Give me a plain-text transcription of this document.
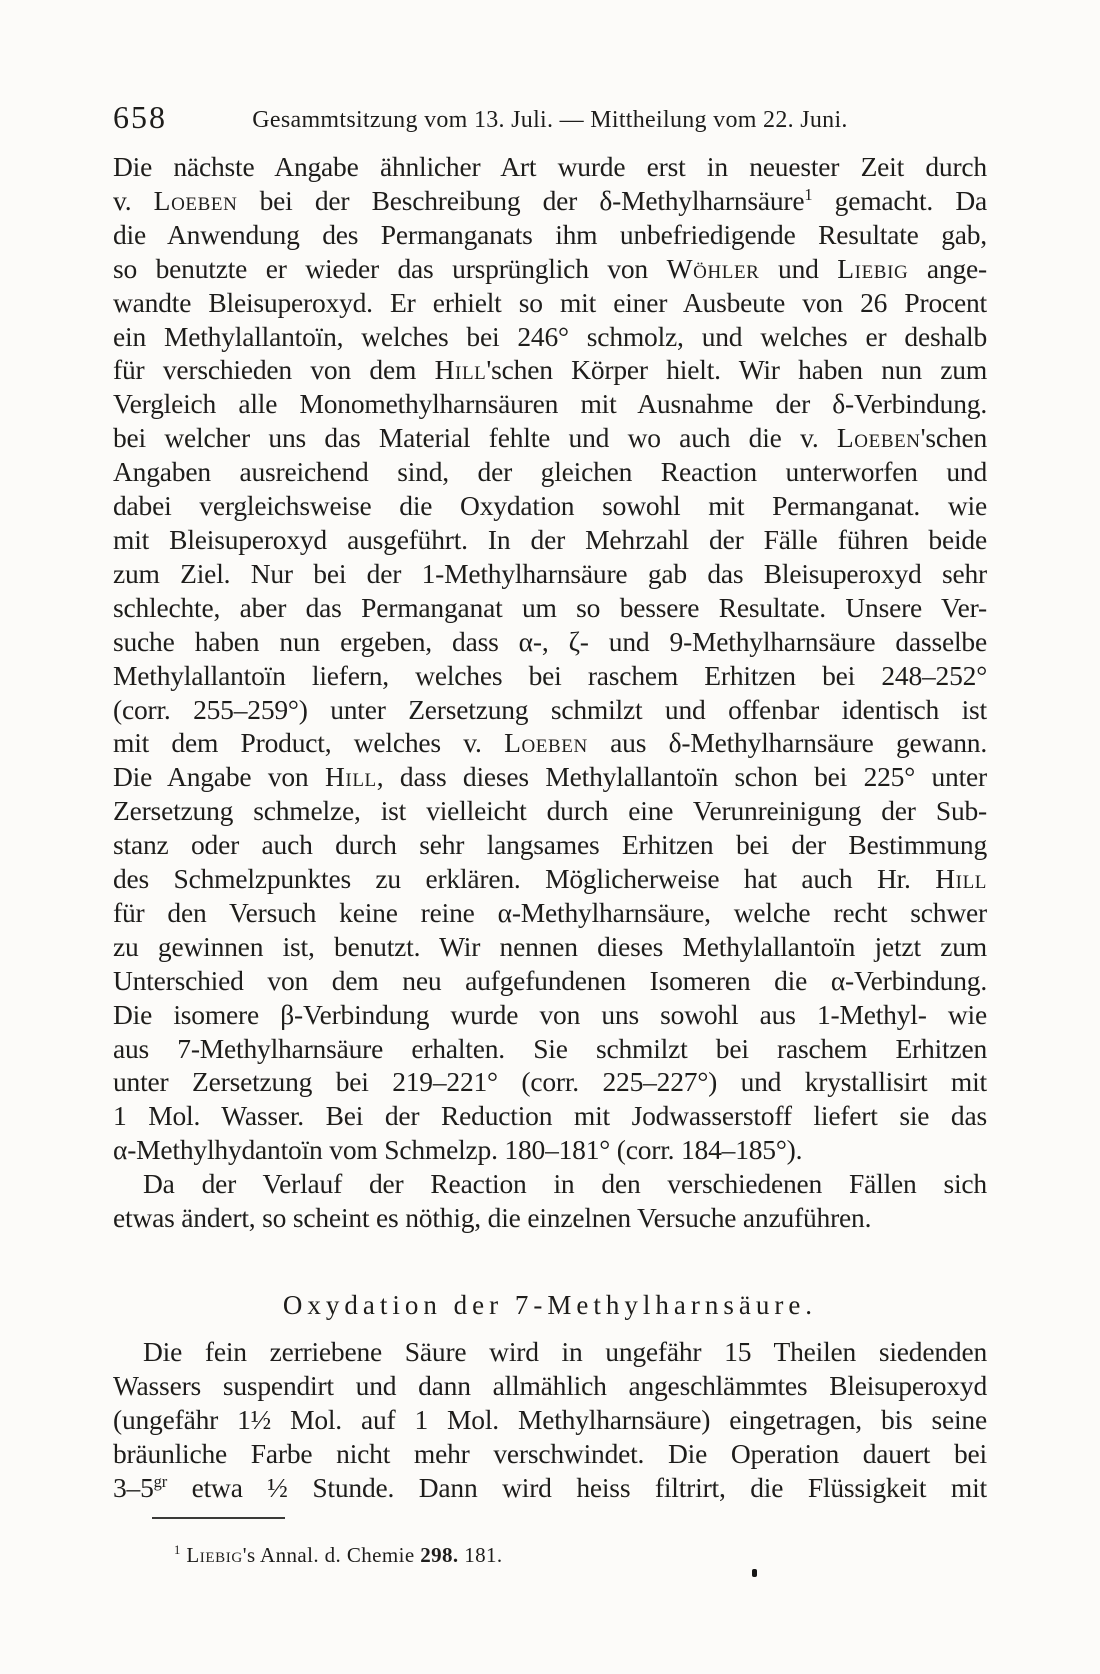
658	Gesammtsitzung vom 13. Juli. — Mittheilung vom 22. Juni.
Die nächste Angabe ähnlicher Art wurde erst in neuester Zeit durch
v. Loeben bei der Beschreibung der δ-Methylharnsäure$^1$ gemacht. Da
die Anwendung des Permanganats ihm unbefriedigende Resultate gab,
so benutzte er wieder das ursprünglich von Wöhler und Liebig ange-
wandte Bleisuperoxyd. Er erhielt so mit einer Ausbeute von 26 Procent
ein Methylallantoïn, welches bei 246° schmolz, und welches er deshalb
für verschieden von dem Hill'schen Körper hielt. Wir haben nun zum
Vergleich alle Monomethylharnsäuren mit Ausnahme der δ-Verbindung.
bei welcher uns das Material fehlte und wo auch die v. Loeben'schen
Angaben ausreichend sind, der gleichen Reaction unterworfen und
dabei vergleichsweise die Oxydation sowohl mit Permanganat. wie
mit Bleisuperoxyd ausgeführt. In der Mehrzahl der Fälle führen beide
zum Ziel. Nur bei der 1-Methylharnsäure gab das Bleisuperoxyd sehr
schlechte, aber das Permanganat um so bessere Resultate. Unsere Ver-
suche haben nun ergeben, dass α-, ζ- und 9-Methylharnsäure dasselbe
Methylallantoïn liefern, welches bei raschem Erhitzen bei 248–252°
(corr. 255–259°) unter Zersetzung schmilzt und offenbar identisch ist
mit dem Product, welches v. Loeben aus δ-Methylharnsäure gewann.
Die Angabe von Hill, dass dieses Methylallantoïn schon bei 225° unter
Zersetzung schmelze, ist vielleicht durch eine Verunreinigung der Sub-
stanz oder auch durch sehr langsames Erhitzen bei der Bestimmung
des Schmelzpunktes zu erklären. Möglicherweise hat auch Hr. Hill
für den Versuch keine reine α-Methylharnsäure, welche recht schwer
zu gewinnen ist, benutzt. Wir nennen dieses Methylallantoïn jetzt zum
Unterschied von dem neu aufgefundenen Isomeren die α-Verbindung.
Die isomere β-Verbindung wurde von uns sowohl aus 1-Methyl- wie
aus 7-Methylharnsäure erhalten. Sie schmilzt bei raschem Erhitzen
unter Zersetzung bei 219–221° (corr. 225–227°) und krystallisirt mit
1 Mol. Wasser. Bei der Reduction mit Jodwasserstoff liefert sie das
α-Methylhydantoïn vom Schmelzp. 180–181° (corr. 184–185°).
Da der Verlauf der Reaction in den verschiedenen Fällen sich
etwas ändert, so scheint es nöthig, die einzelnen Versuche anzuführen.
Oxydation der 7-Methylharnsäure.
Die fein zerriebene Säure wird in ungefähr 15 Theilen siedenden
Wassers suspendirt und dann allmählich angeschlämmtes Bleisuperoxyd
(ungefähr 1½ Mol. auf 1 Mol. Methylharnsäure) eingetragen, bis seine
bräunliche Farbe nicht mehr verschwindet. Die Operation dauert bei
$3-5^{gr}$ etwa ½ Stunde. Dann wird heiss filtrirt, die Flüssigkeit mit
$^1$ Liebig's Annal. d. Chemie 298. 181.
